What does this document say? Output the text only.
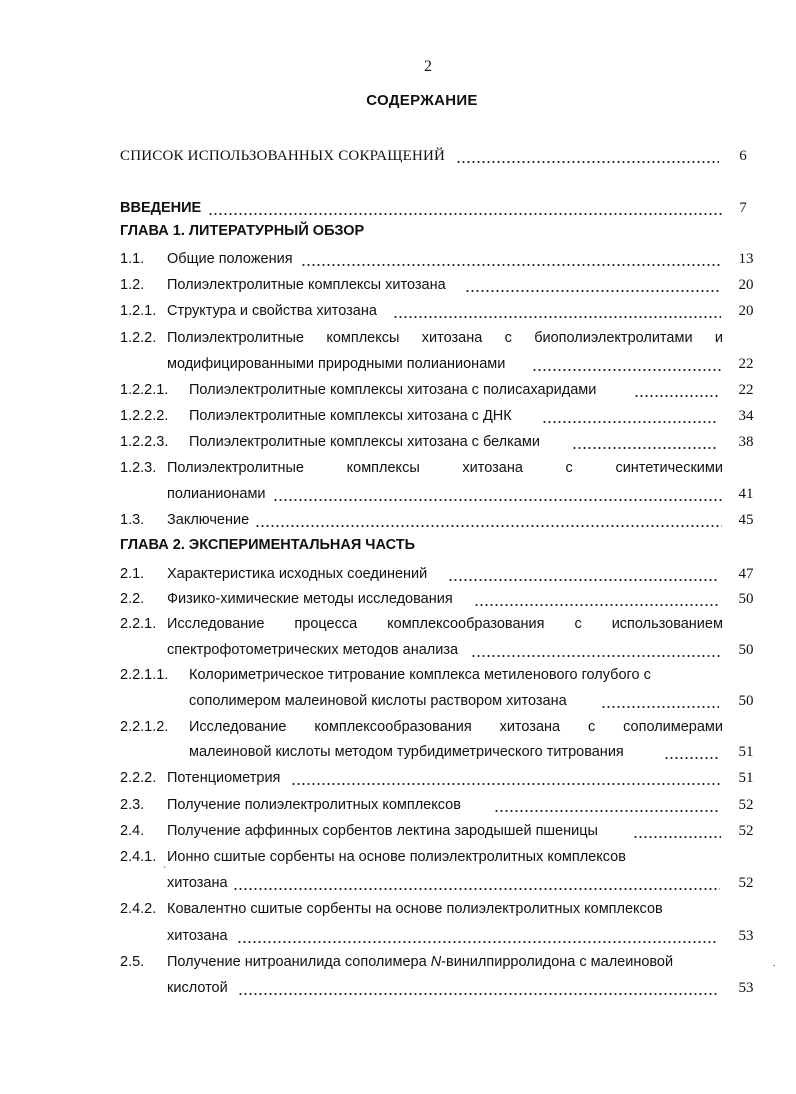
2
СОДЕРЖАНИЕ
СПИСОК ИСПОЛЬЗОВАННЫХ СОКРАЩЕНИЙ	6
ВВЕДЕНИЕ	7
ГЛАВА 1. ЛИТЕРАТУРНЫЙ ОБЗОР
1.1. Общие положения	13
1.2. Полиэлектролитные комплексы хитозана	20
1.2.1. Структура и свойства хитозана	20
1.2.2. Полиэлектролитные комплексы хитозана с биополиэлектролитами и
модифицированными природными полианионами	22
1.2.2.1. Полиэлектролитные комплексы хитозана с полисахаридами	22
1.2.2.2. Полиэлектролитные комплексы хитозана с ДНК	34
1.2.2.3. Полиэлектролитные комплексы хитозана с белками	38
1.2.3. Полиэлектролитные	комплексы	хитозана	с	синтетическими
полианионами	41
1.3. Заключение	45
ГЛАВА 2. ЭКСПЕРИМЕНТАЛЬНАЯ ЧАСТЬ
2.1. Характеристика исходных соединений	47
2.2. Физико-химические методы исследования	50
2.2.1. Исследование процесса комплексообразования с использованием
спектрофотометрических методов анализа	50
2.2.1.1. Колориметрическое титрование комплекса метиленового голубого с
сополимером малеиновой кислоты раствором хитозана	50
2.2.1.2. Исследование комплексообразования хитозана с сополимерами
малеиновой кислоты методом турбидиметрического титрования	51
2.2.2. Потенциометрия	51
2.3. Получение полиэлектролитных комплексов	52
2.4. Получение аффинных сорбентов лектина зародышей пшеницы	52
2.4.1. Ионно сшитые сорбенты на основе полиэлектролитных комплексов
`
хитозана	52
2.4.2. Ковалентно сшитые сорбенты на основе полиэлектролитных комплексов
хитозана	53
2.5. Получение нитроанилида сополимера N-винилпирролидона с малеиновой
кислотой	53
.
